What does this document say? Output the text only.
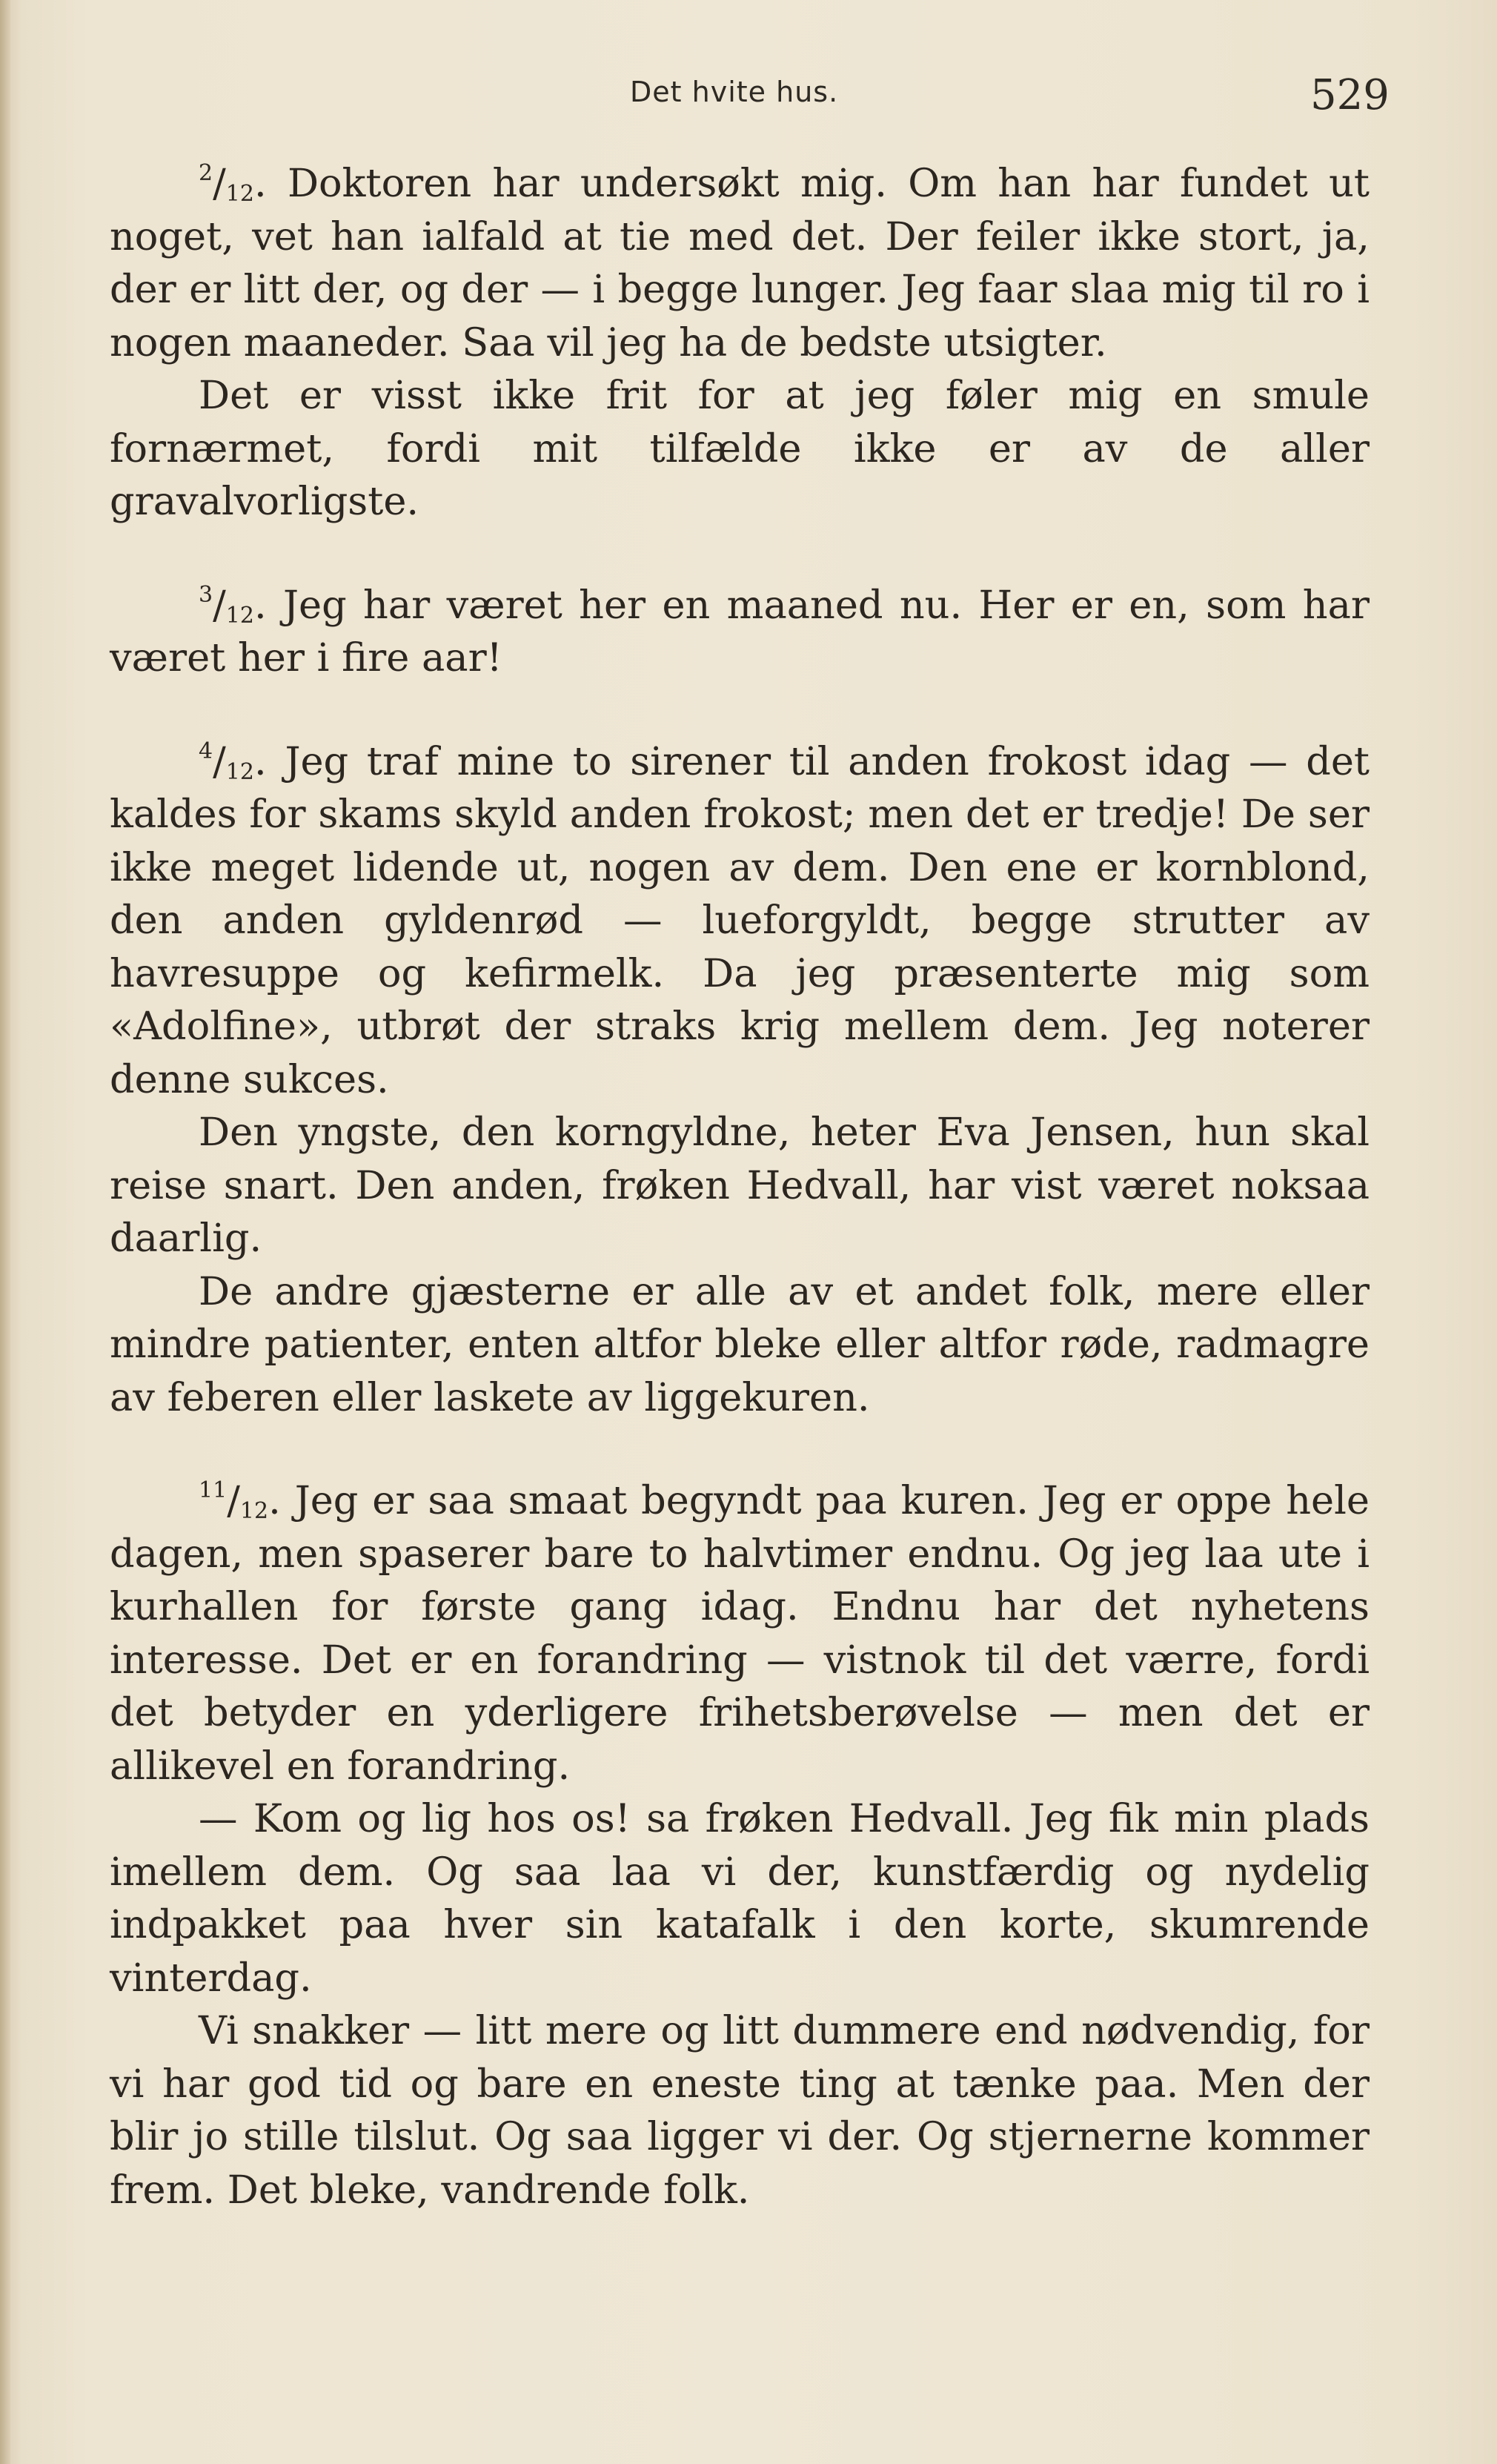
Det hvite hus.	529

$^2/_{12}$. Doktoren har undersøkt mig. Om han har fundet ut noget, vet han ialfald at tie med det. Der feiler ikke stort, ja, der er litt der, og der — i begge lunger. Jeg faar slaa mig til ro i nogen maaneder. Saa vil jeg ha de bedste utsigter.

Det er visst ikke frit for at jeg føler mig en smule fornærmet, fordi mit tilfælde ikke er av de aller gravalvorligste.

$^3/_{12}$. Jeg har været her en maaned nu. Her er en, som har været her i fire aar!

$^4/_{12}$. Jeg traf mine to sirener til anden frokost idag — det kaldes for skams skyld anden frokost; men det er tredje! De ser ikke meget lidende ut, nogen av dem. Den ene er kornblond, den anden gyldenrød — lueforgyldt, begge strutter av havresuppe og kefirmelk. Da jeg præsenterte mig som «Adolfine», utbrøt der straks krig mellem dem. Jeg noterer denne sukces.

Den yngste, den korngyldne, heter Eva Jensen, hun skal reise snart. Den anden, frøken Hedvall, har vist været noksaa daarlig.

De andre gjæsterne er alle av et andet folk, mere eller mindre patienter, enten altfor bleke eller altfor røde, radmagre av feberen eller laskete av liggekuren.

$^{11}/_{12}$. Jeg er saa smaat begyndt paa kuren. Jeg er oppe hele dagen, men spaserer bare to halvtimer endnu. Og jeg laa ute i kurhallen for første gang idag. Endnu har det nyhetens interesse. Det er en forandring — vistnok til det værre, fordi det betyder en yderligere frihetsberøvelse — men det er allikevel en forandring.

— Kom og lig hos os! sa frøken Hedvall. Jeg fik min plads imellem dem. Og saa laa vi der, kunstfærdig og nydelig indpakket paa hver sin katafalk i den korte, skumrende vinterdag.

Vi snakker — litt mere og litt dummere end nødvendig, for vi har god tid og bare en eneste ting at tænke paa. Men der blir jo stille tilslut. Og saa ligger vi der. Og stjernerne kommer frem. Det bleke, vandrende folk.
